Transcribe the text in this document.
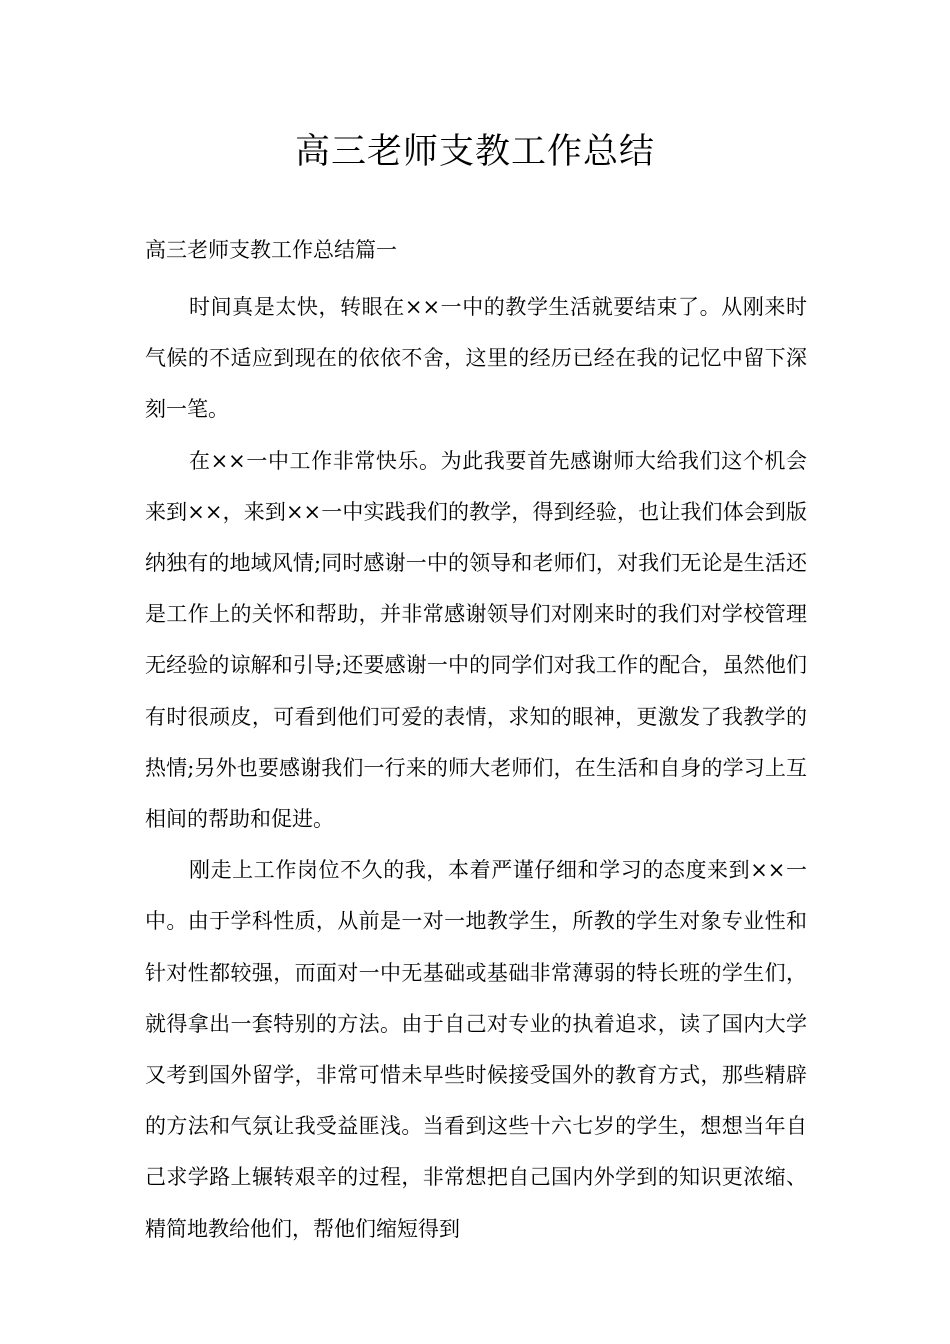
高三老师支教工作总结

高三老师支教工作总结篇一

时间真是太快，转眼在××一中的教学生活就要结束了。从刚来时气候的不适应到现在的依依不舍，这里的经历已经在我的记忆中留下深刻一笔。

在××一中工作非常快乐。为此我要首先感谢师大给我们这个机会来到××，来到××一中实践我们的教学，得到经验，也让我们体会到版纳独有的地域风情;同时感谢一中的领导和老师们，对我们无论是生活还是工作上的关怀和帮助，并非常感谢领导们对刚来时的我们对学校管理无经验的谅解和引导;还要感谢一中的同学们对我工作的配合，虽然他们有时很顽皮，可看到他们可爱的表情，求知的眼神，更激发了我教学的热情;另外也要感谢我们一行来的师大老师们，在生活和自身的学习上互相间的帮助和促进。

刚走上工作岗位不久的我，本着严谨仔细和学习的态度来到××一中。由于学科性质，从前是一对一地教学生，所教的学生对象专业性和针对性都较强，而面对一中无基础或基础非常薄弱的特长班的学生们，就得拿出一套特别的方法。由于自己对专业的执着追求，读了国内大学又考到国外留学，非常可惜未早些时候接受国外的教育方式，那些精辟的方法和气氛让我受益匪浅。当看到这些十六七岁的学生，想想当年自己求学路上辗转艰辛的过程，非常想把自己国内外学到的知识更浓缩、精简地教给他们，帮他们缩短得到
